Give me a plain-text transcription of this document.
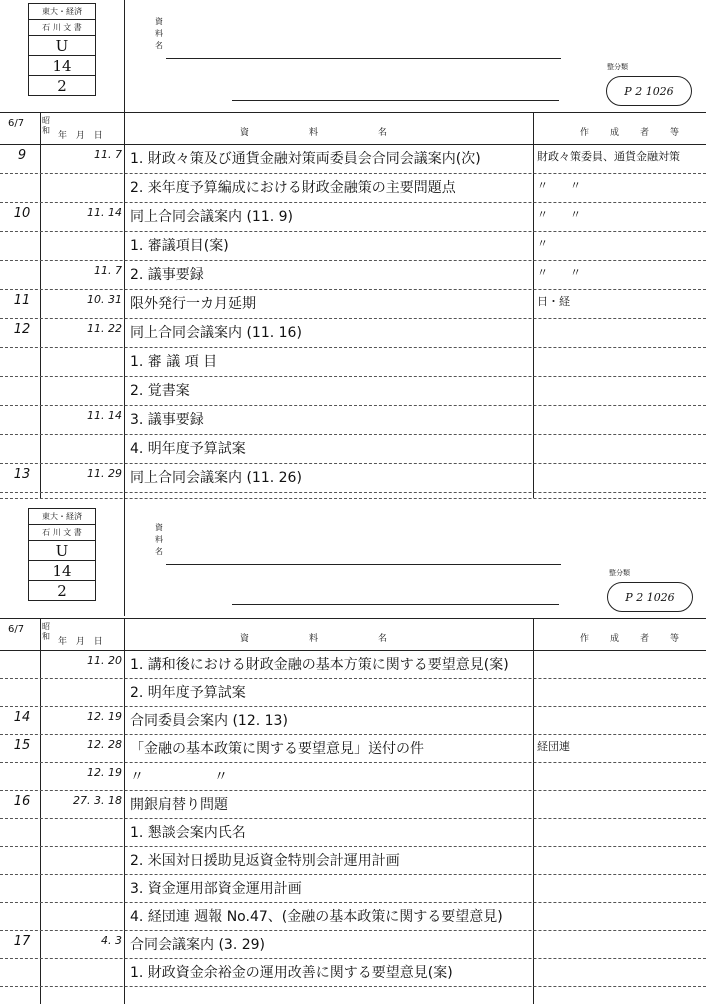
東大・経済
石 川 文 書
U
14
2
資
料
名
整分類
P 2 1026
6/7 昭和
年 月 日	資　　料　　名	作　成　者　等
9	11. 7 1. 財政々策及び通貨金融対策両委員会合同会議案内(次)	財政々策委員、通貨金融対策
2. 来年度予算編成における財政金融策の主要問題点	〃　　〃
10	11. 14 同上合同会議案内 (11. 9)	〃　　〃
1. 審議項目(案)	〃
11. 7 2. 議事要録	〃　　〃
11	10. 31 限外発行一カ月延期	日・経
12	11. 22 同上合同会議案内 (11. 16)
1. 審 議 項 目
2. 覚書案
11. 14 3. 議事要録
4. 明年度予算試案
13	11. 29 同上合同会議案内 (11. 26)
東大・経済
石 川 文 書
U
14
2
資
料
名
整分類
P 2 1026
6/7 昭和
年 月 日	資　　料　　名	作　成　者　等
11. 20 1. 講和後における財政金融の基本方策に関する要望意見(案)
2. 明年度予算試案
14	12. 19 合同委員会案内 (12. 13)
15	12. 28 「金融の基本政策に関する要望意見」送付の件	経団連
12. 19 〃　　　　　〃
16	27. 3. 18 開銀肩替り問題
1. 懇談会案内氏名
2. 米国対日援助見返資金特別会計運用計画
3. 資金運用部資金運用計画
4. 経団連 週報 No.47、(金融の基本政策に関する要望意見)
17	4. 3 合同会議案内 (3. 29)
1. 財政資金余裕金の運用改善に関する要望意見(案)
